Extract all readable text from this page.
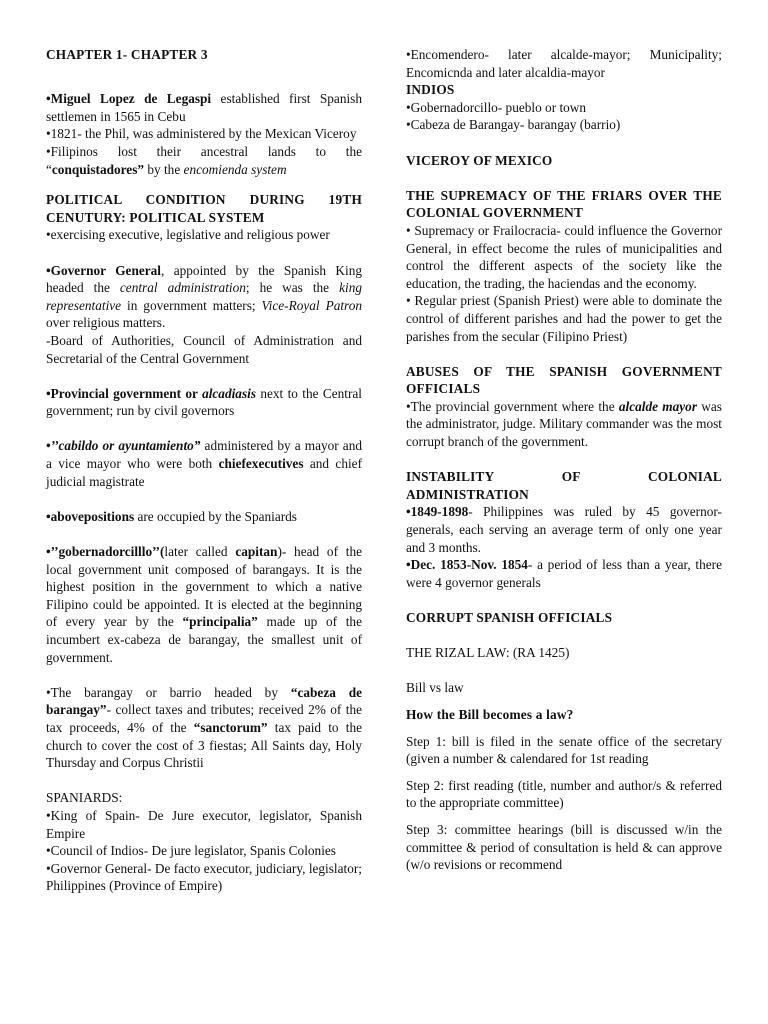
CHAPTER 1- CHAPTER 3

•Miguel Lopez de Legaspi established first Spanish settlemen in 1565 in Cebu

•1821- the Phil, was administered by the Mexican Viceroy

•Filipinos lost their ancestral lands to the “conquistadores” by the encomienda system

POLITICAL CONDITION DURING 19TH CENUTURY: POLITICAL SYSTEM

•exercising executive, legislative and religious power

•Governor General, appointed by the Spanish King headed the central administration; he was the king representative in government matters; Vice-Royal Patron over religious matters.

-Board of Authorities, Council of Administration and Secretarial of the Central Government

•Provincial government or alcadiasis next to the Central government; run by civil governors

•’’cabildo or ayuntamiento” administered by a mayor and a vice mayor who were both chiefexecutives and chief judicial magistrate

•abovepositions are occupied by the Spaniards

•’’gobernadorcilllo’’(later called capitan)- head of the local government unit composed of barangays. It is the highest position in the government to which a native Filipino could be appointed. It is elected at the beginning of every year by the “principalia” made up of the incumbert ex-cabeza de barangay, the smallest unit of government.

•The barangay or barrio headed by “cabeza de barangay”- collect taxes and tributes; received 2% of the tax proceeds, 4% of the “sanctorum” tax paid to the church to cover the cost of 3 fiestas; All Saints day, Holy Thursday and Corpus Christii

SPANIARDS:

•King of Spain- De Jure executor, legislator, Spanish Empire

•Council of Indios- De jure legislator, Spanis Colonies

•Governor General- De facto executor, judiciary, legislator; Philippines (Province of Empire)

•Encomendero- later alcalde-mayor; Municipality; Encomicnda and later alcaldia-mayor

INDIOS

•Gobernadorcillo- pueblo or town

•Cabeza de Barangay- barangay (barrio)

VICEROY OF MEXICO

THE SUPREMACY OF THE FRIARS OVER THE COLONIAL GOVERNMENT

• Supremacy or Frailocracia- could influence the Governor General, in effect become the rules of municipalities and control the different aspects of the society like the education, the trading, the haciendas and the economy.

• Regular priest (Spanish Priest) were able to dominate the control of different parishes and had the power to get the parishes from the secular (Filipino Priest)

ABUSES OF THE SPANISH GOVERNMENT OFFICIALS

•The provincial government where the alcalde mayor was the administrator, judge. Military commander was the most corrupt branch of the government.

INSTABILITY OF COLONIAL

ADMINISTRATION

•1849-1898- Philippines was ruled by 45 governor-generals, each serving an average term of only one year and 3 months.

•Dec. 1853-Nov. 1854- a period of less than a year, there were 4 governor generals

CORRUPT SPANISH OFFICIALS

THE RIZAL LAW: (RA 1425)

Bill vs law

How the Bill becomes a law?

Step 1: bill is filed in the senate office of the secretary (given a number & calendared for 1st reading

Step 2: first reading (title, number and author/s & referred to the appropriate committee)

Step 3: committee hearings (bill is discussed w/in the committee & period of consultation is held & can approve (w/o revisions or recommend
